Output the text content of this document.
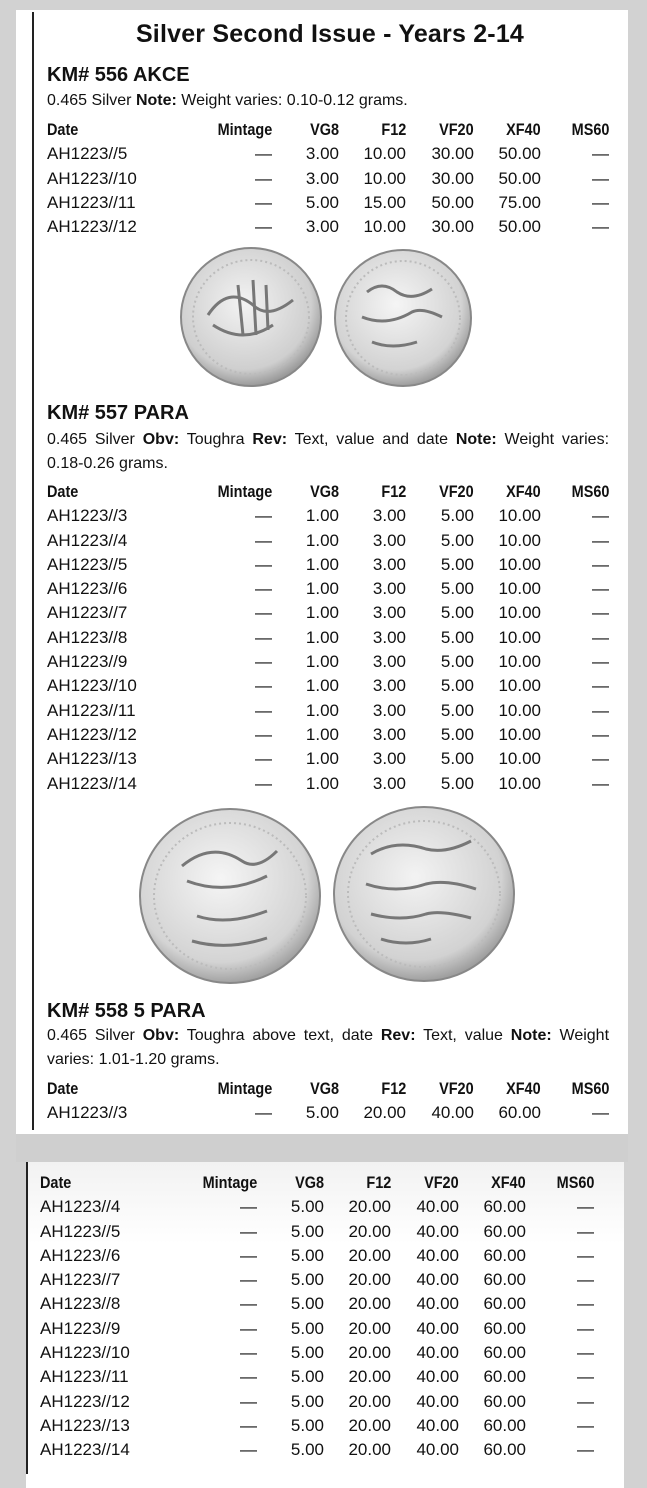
Silver Second Issue - Years 2-14
KM# 556 AKCE
0.465 Silver Note: Weight varies: 0.10-0.12 grams.
Date	Mintage VG8 F12 VF20 XF40 MS60
AH1223//5	— 3.00 10.00 30.00 50.00	—
AH1223//10	— 3.00 10.00 30.00 50.00	—
AH1223//11	— 5.00 15.00 50.00 75.00	—
AH1223//12	— 3.00 10.00 30.00 50.00	—
KM# 557 PARA
0.465 Silver Obv: Toughra Rev: Text, value and date Note: Weight varies: 0.18-0.26 grams.
Date	Mintage VG8 F12 VF20 XF40 MS60
AH1223//3	— 1.00 3.00 5.00 10.00	—
AH1223//4	— 1.00 3.00 5.00 10.00	—
AH1223//5	— 1.00 3.00 5.00 10.00	—
AH1223//6	— 1.00 3.00 5.00 10.00	—
AH1223//7	— 1.00 3.00 5.00 10.00	—
AH1223//8	— 1.00 3.00 5.00 10.00	—
AH1223//9	— 1.00 3.00 5.00 10.00	—
AH1223//10	— 1.00 3.00 5.00 10.00	—
AH1223//11	— 1.00 3.00 5.00 10.00	—
AH1223//12	— 1.00 3.00 5.00 10.00	—
AH1223//13	— 1.00 3.00 5.00 10.00	—
AH1223//14	— 1.00 3.00 5.00 10.00	—
KM# 558 5 PARA
0.465 Silver Obv: Toughra above text, date Rev: Text, value Note: Weight varies: 1.01-1.20 grams.
Date	Mintage VG8 F12 VF20 XF40 MS60
AH1223//3	— 5.00 20.00 40.00 60.00	—
Date	Mintage VG8 F12 VF20 XF40 MS60
AH1223//4	— 5.00 20.00 40.00 60.00	—
AH1223//5	— 5.00 20.00 40.00 60.00	—
AH1223//6	— 5.00 20.00 40.00 60.00	—
AH1223//7	— 5.00 20.00 40.00 60.00	—
AH1223//8	— 5.00 20.00 40.00 60.00	—
AH1223//9	— 5.00 20.00 40.00 60.00	—
AH1223//10	— 5.00 20.00 40.00 60.00	—
AH1223//11	— 5.00 20.00 40.00 60.00	—
AH1223//12	— 5.00 20.00 40.00 60.00	—
AH1223//13	— 5.00 20.00 40.00 60.00	—
AH1223//14	— 5.00 20.00 40.00 60.00	—
